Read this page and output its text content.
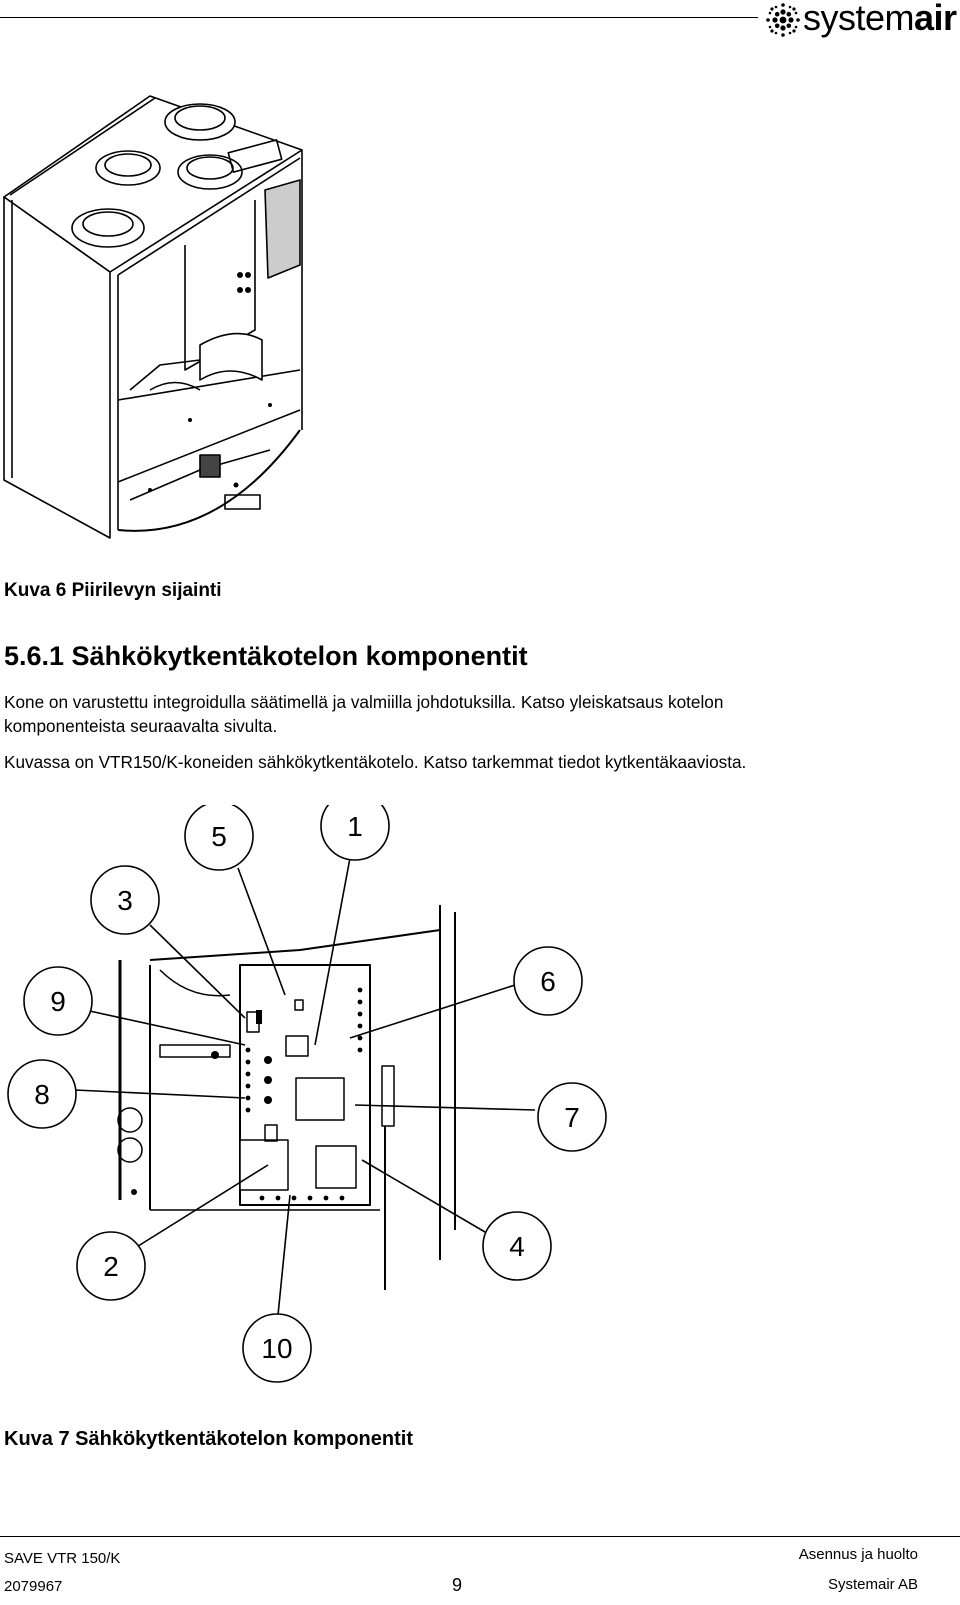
systemair
Kuva 6 Piirilevyn sijainti
5.6.1 Sähkökytkentäkotelon komponentit
Kone on varustettu integroidulla säätimellä ja valmiilla johdotuksilla. Katso yleiskatsaus kotelon
komponenteista seuraavalta sivulta.
Kuvassa on VTR150/K-koneiden sähkökytkentäkotelo. Katso tarkemmat tiedot kytkentäkaaviosta.
5	1
3
9
6
8
7
2
4
10
Kuva 7 Sähkökytkentäkotelon komponentit
SAVE VTR 150/K
2079967	9
Asennus ja huolto
Systemair AB
